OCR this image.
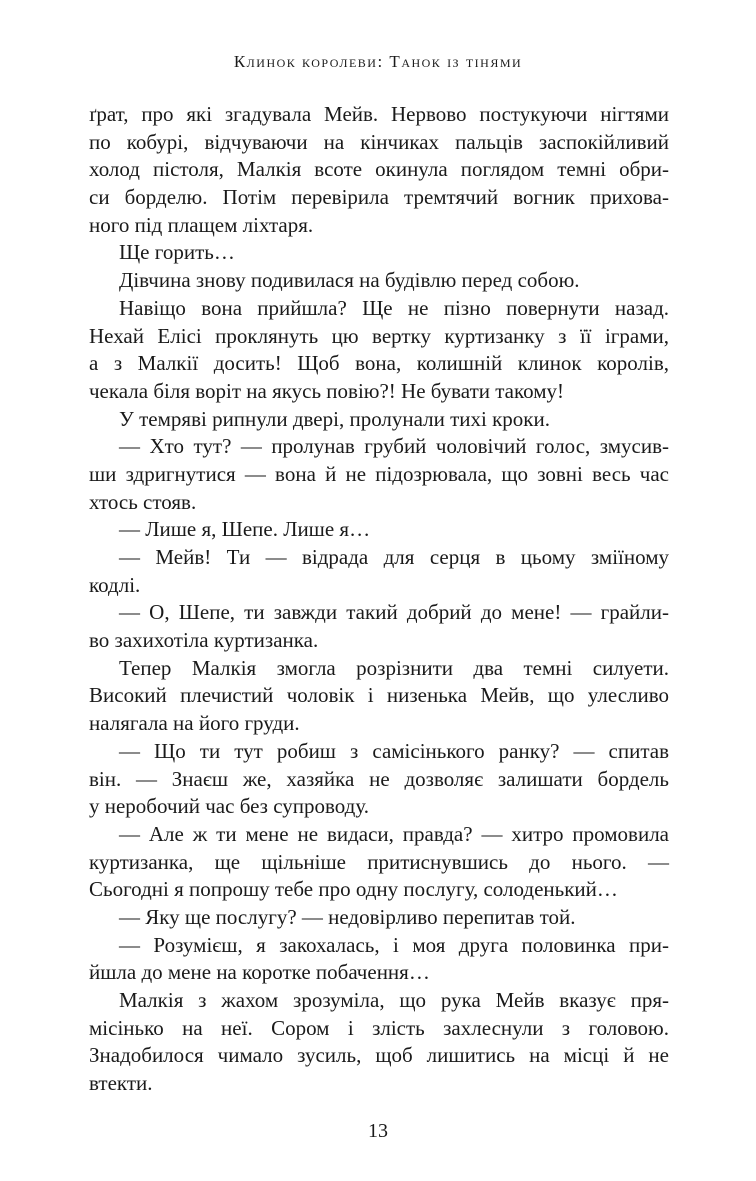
Клинок королеви: Танок із тінями
ґрат, про які згадувала Мейв. Нервово постукуючи нігтями
по кобурі, відчуваючи на кінчиках пальців заспокійливий
холод пістоля, Малкія всоте окинула поглядом темні обри-
си борделю. Потім перевірила тремтячий вогник прихова-
ного під плащем ліхтаря.
Ще горить…
Дівчина знову подивилася на будівлю перед собою.
Навіщо вона прийшла? Ще не пізно повернути назад.
Нехай Елісі проклянуть цю вертку куртизанку з її іграми,
а з Малкії досить! Щоб вона, колишній клинок королів,
чекала біля воріт на якусь повію?! Не бувати такому!
У темряві рипнули двері, пролунали тихі кроки.
— Хто тут? — пролунав грубий чоловічий голос, змусив-
ши здригнутися — вона й не підозрювала, що зовні весь час
хтось стояв.
— Лише я, Шепе. Лише я…
— Мейв! Ти — відрада для серця в цьому зміїному
кодлі.
— О, Шепе, ти завжди такий добрий до мене! — грайли-
во захихотіла куртизанка.
Тепер Малкія змогла розрізнити два темні силуети.
Високий плечистий чоловік і низенька Мейв, що улесливо
налягала на його груди.
— Що ти тут робиш з самісінького ранку? — спитав
він. — Знаєш же, хазяйка не дозволяє залишати бордель
у неробочий час без супроводу.
— Але ж ти мене не видаси, правда? — хитро промовила
куртизанка, ще щільніше притиснувшись до нього. —
Сьогодні я попрошу тебе про одну послугу, солоденький…
— Яку ще послугу? — недовірливо перепитав той.
— Розумієш, я закохалась, і моя друга половинка при-
йшла до мене на коротке побачення…
Малкія з жахом зрозуміла, що рука Мейв вказує пря-
місінько на неї. Сором і злість захлеснули з головою.
Знадобилося чимало зусиль, щоб лишитись на місці й не
втекти.
13
